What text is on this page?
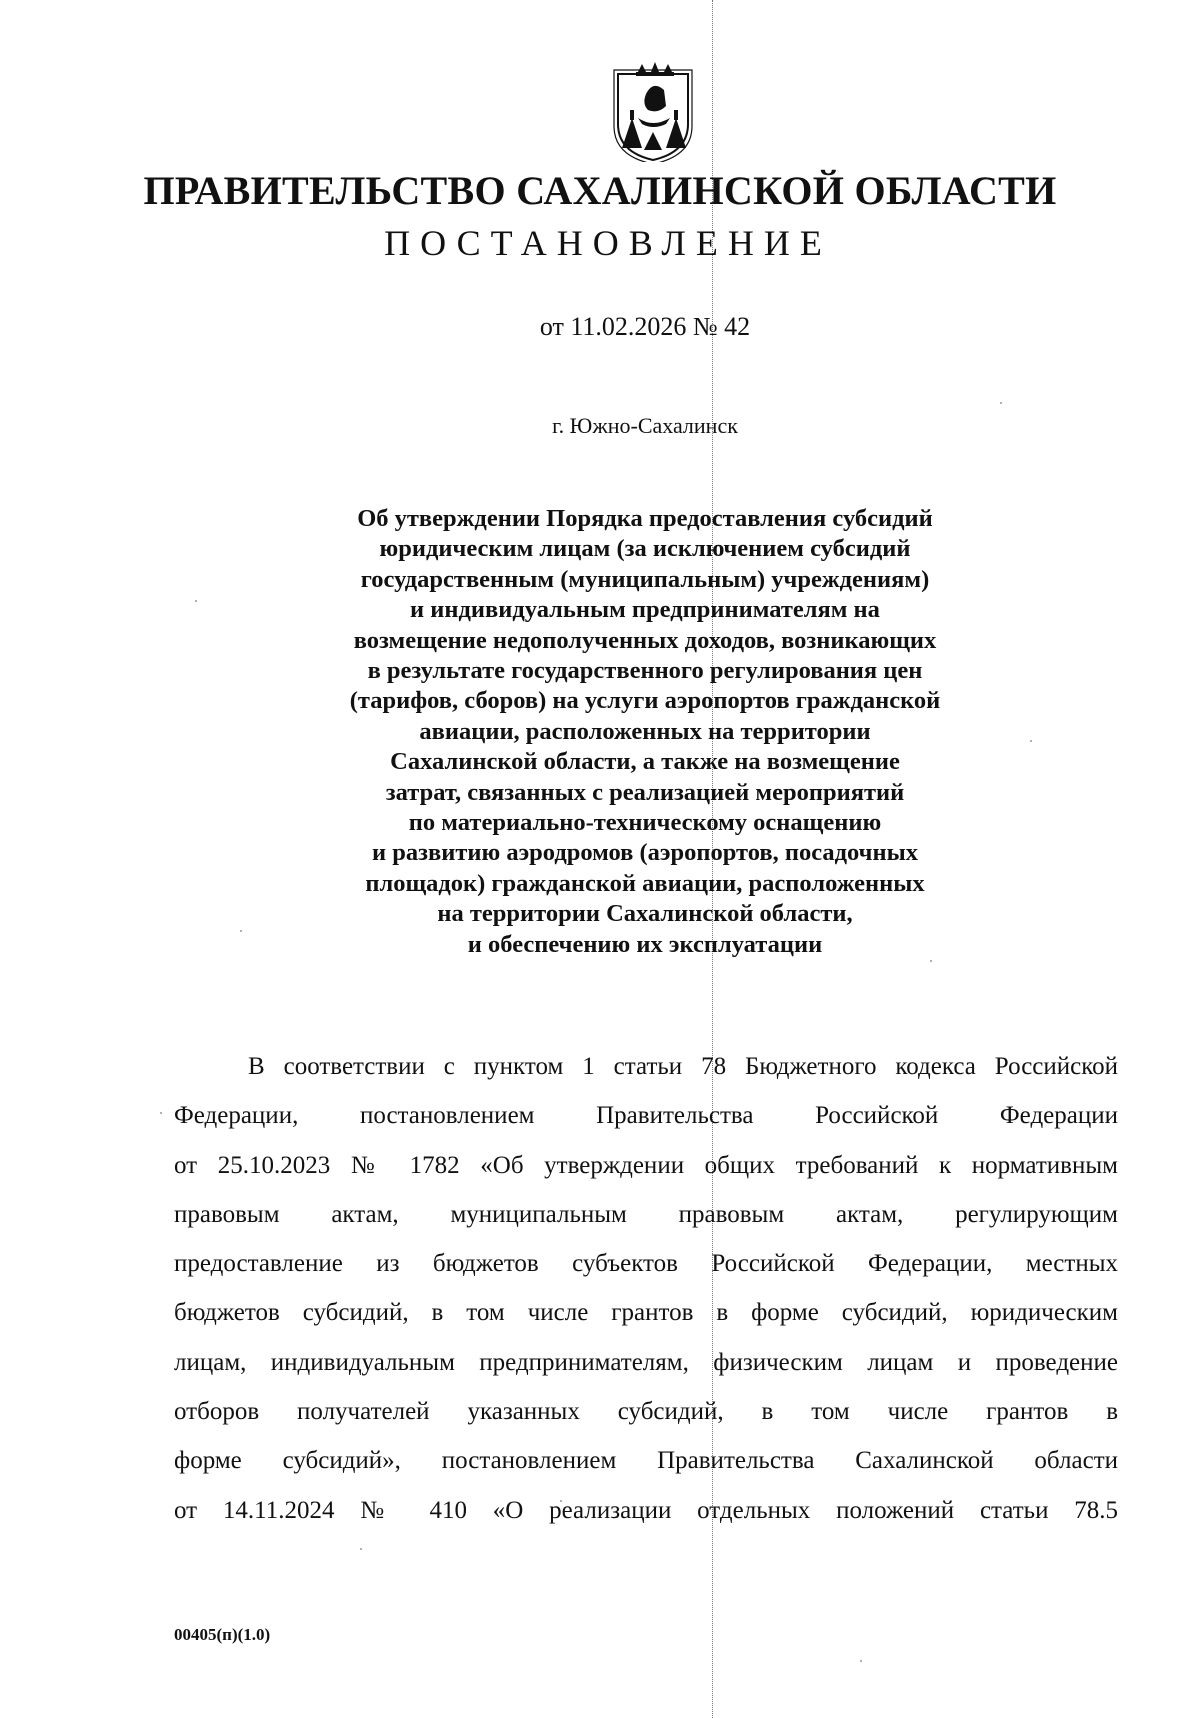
ПРАВИТЕЛЬСТВО САХАЛИНСКОЙ ОБЛАСТИ
ПОСТАНОВЛЕНИЕ
от 11.02.2026 № 42
г. Южно-Сахалинск
Об утверждении Порядка предоставления субсидий
юридическим лицам (за исключением субсидий
государственным (муниципальным) учреждениям)
и индивидуальным предпринимателям на
возмещение недополученных доходов, возникающих
в результате государственного регулирования цен
(тарифов, сборов) на услуги аэропортов гражданской
авиации, расположенных на территории
Сахалинской области, а также на возмещение
затрат, связанных с реализацией мероприятий
по материально-техническому оснащению
и развитию аэродромов (аэропортов, посадочных
площадок) гражданской авиации, расположенных
на территории Сахалинской области,
и обеспечению их эксплуатации
В соответствии с пунктом 1 статьи 78 Бюджетного кодекса Российской
Федерации, постановлением Правительства Российской Федерации
от 25.10.2023 № 1782 «Об утверждении общих требований к нормативным
правовым актам, муниципальным правовым актам, регулирующим
предоставление из бюджетов субъектов Российской Федерации, местных
бюджетов субсидий, в том числе грантов в форме субсидий, юридическим
лицам, индивидуальным предпринимателям, физическим лицам и проведение
отборов получателей указанных субсидий, в том числе грантов в
форме субсидий», постановлением Правительства Сахалинской области
от 14.11.2024 № 410 «О реализации отдельных положений статьи 78.5
00405(п)(1.0)
